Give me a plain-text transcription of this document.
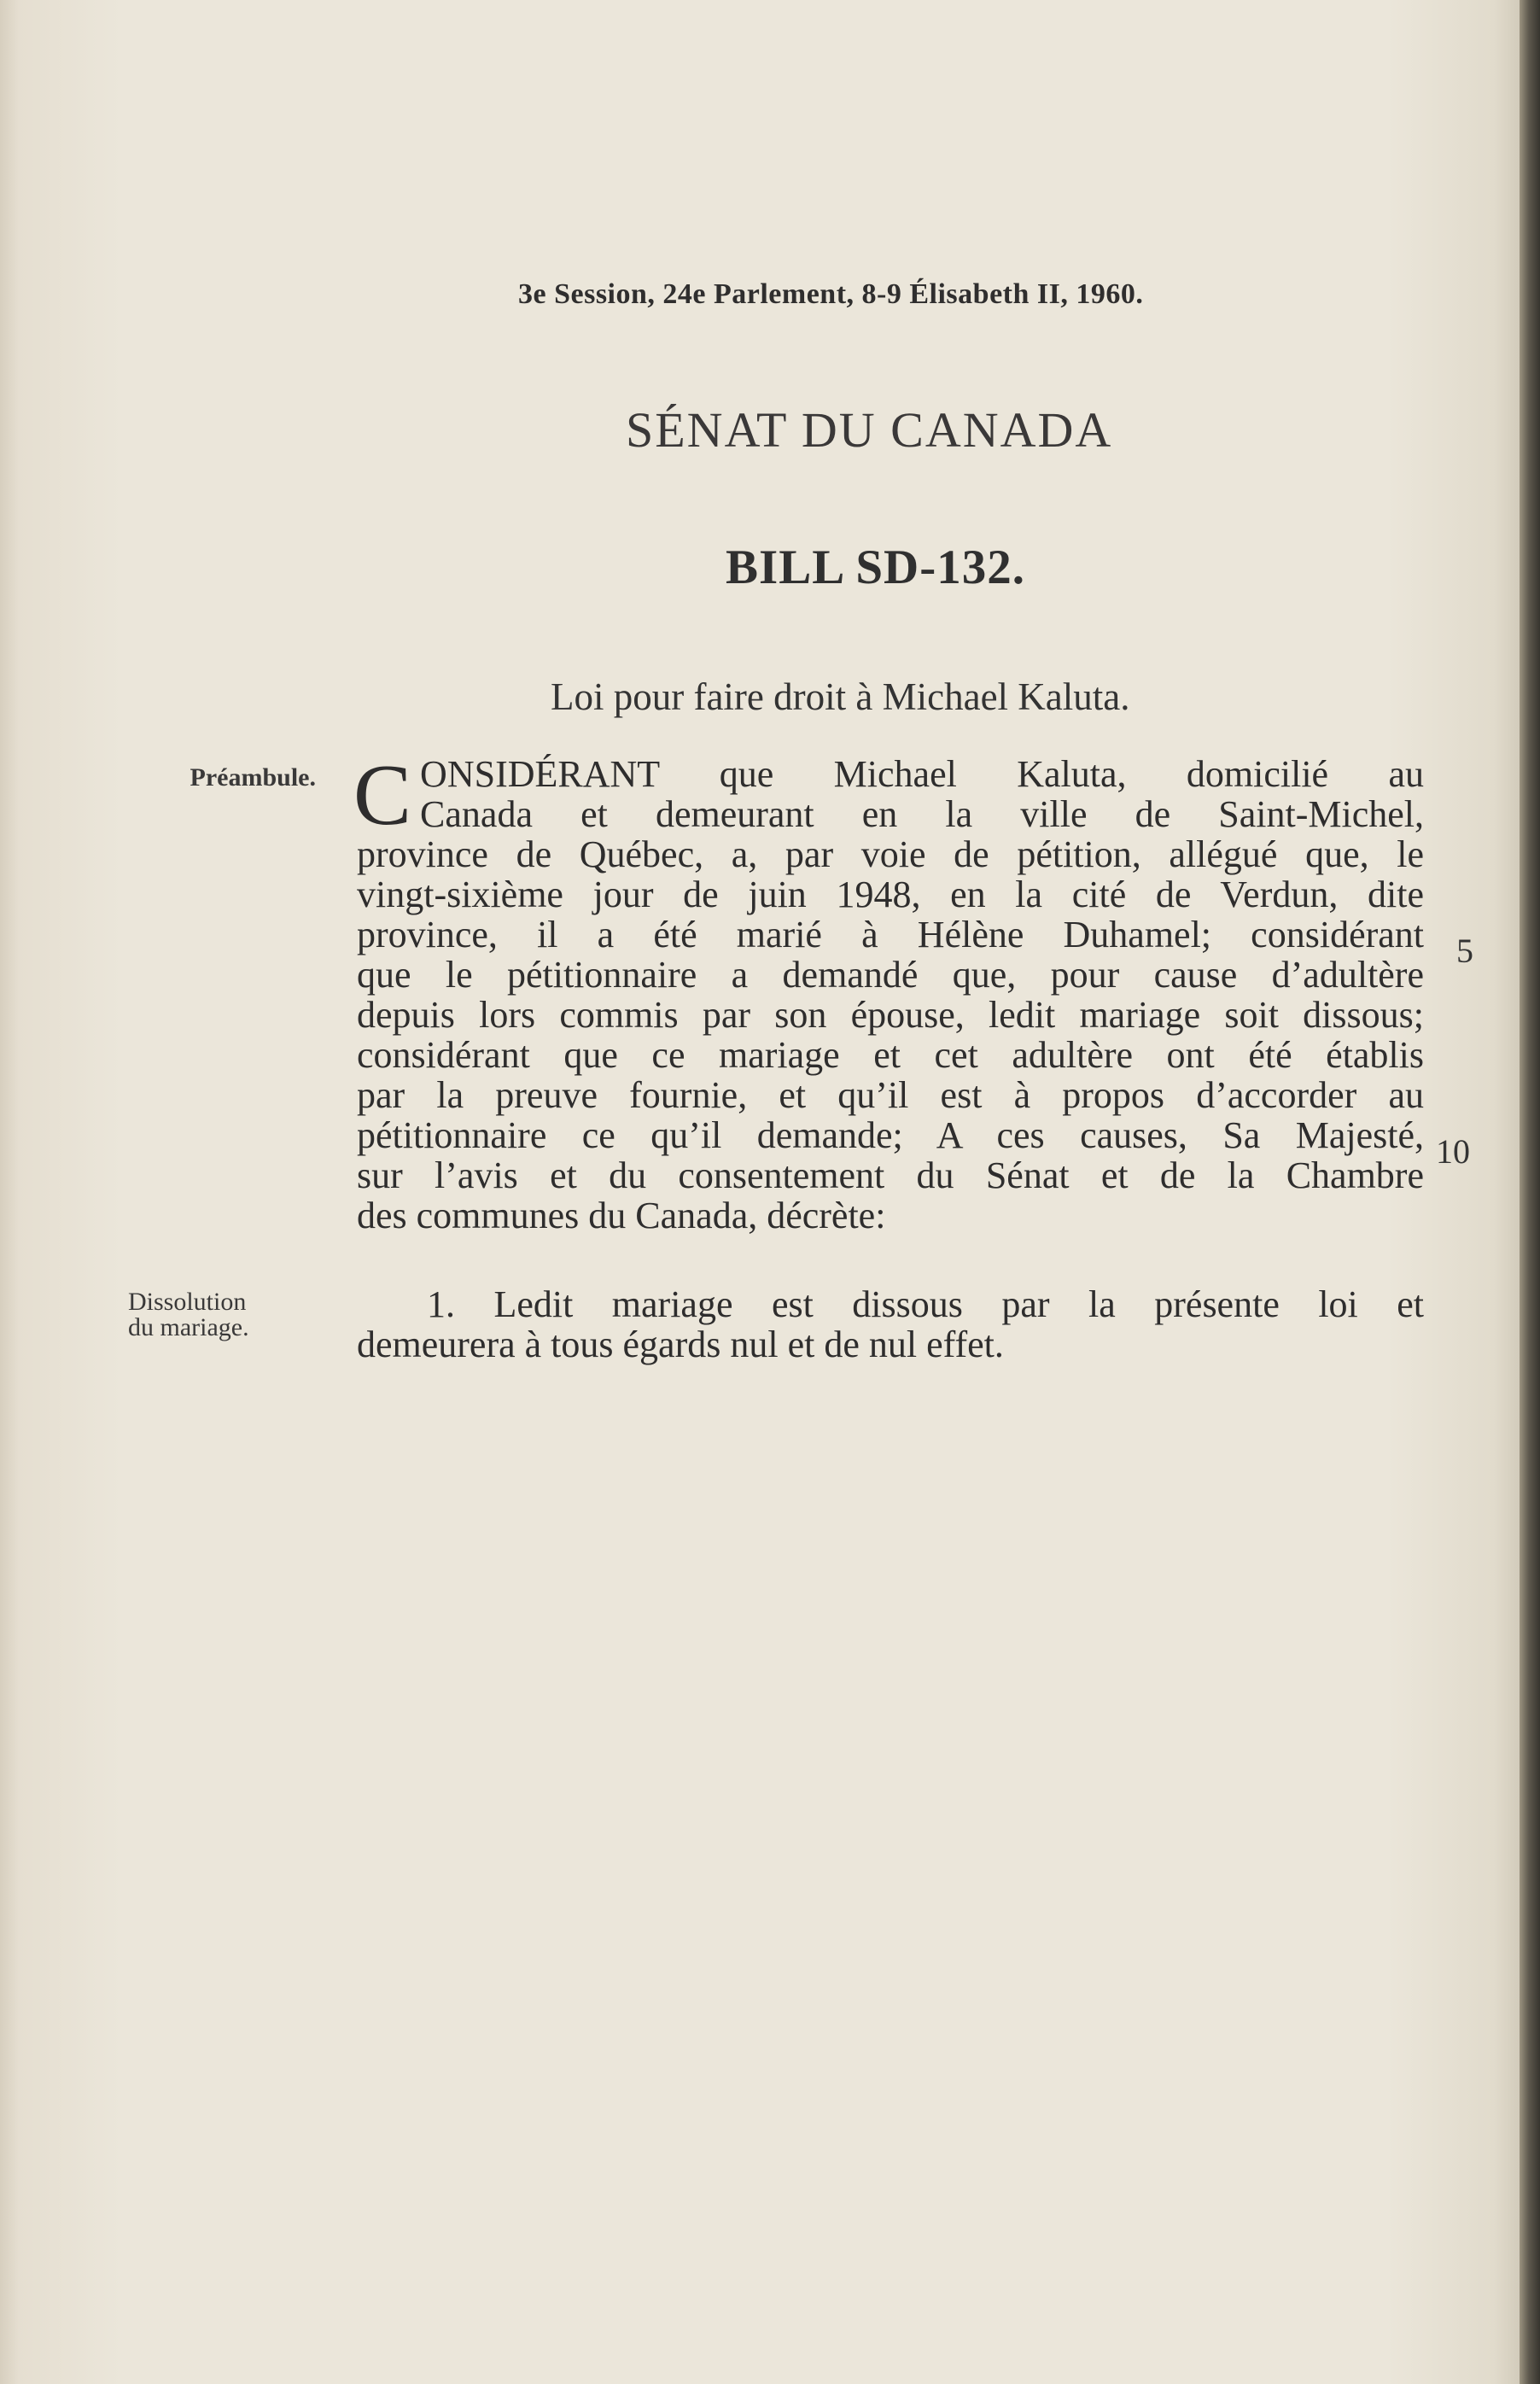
3e Session, 24e Parlement, 8-9 Élisabeth II, 1960.
SÉNAT DU CANADA
BILL SD-132.
Loi pour faire droit à Michael Kaluta.
Préambule. C ONSIDÉRANT que Michael Kaluta, domicilié au
Canada et demeurant en la ville de Saint-Michel,
province de Québec, a, par voie de pétition, allégué que, le
vingt-sixième jour de juin 1948, en la cité de Verdun, dite
province, il a été marié à Hélène Duhamel; considérant
que le pétitionnaire a demandé que, pour cause d’adultère
depuis lors commis par son épouse, ledit mariage soit dissous;
considérant que ce mariage et cet adultère ont été établis
par la preuve fournie, et qu’il est à propos d’accorder au
pétitionnaire ce qu’il demande; A ces causes, Sa Majesté,
sur l’avis et du consentement du Sénat et de la Chambre
des communes du Canada, décrète:
5
10
Dissolution
du mariage.
1. Ledit mariage est dissous par la présente loi et
demeurera à tous égards nul et de nul effet.
